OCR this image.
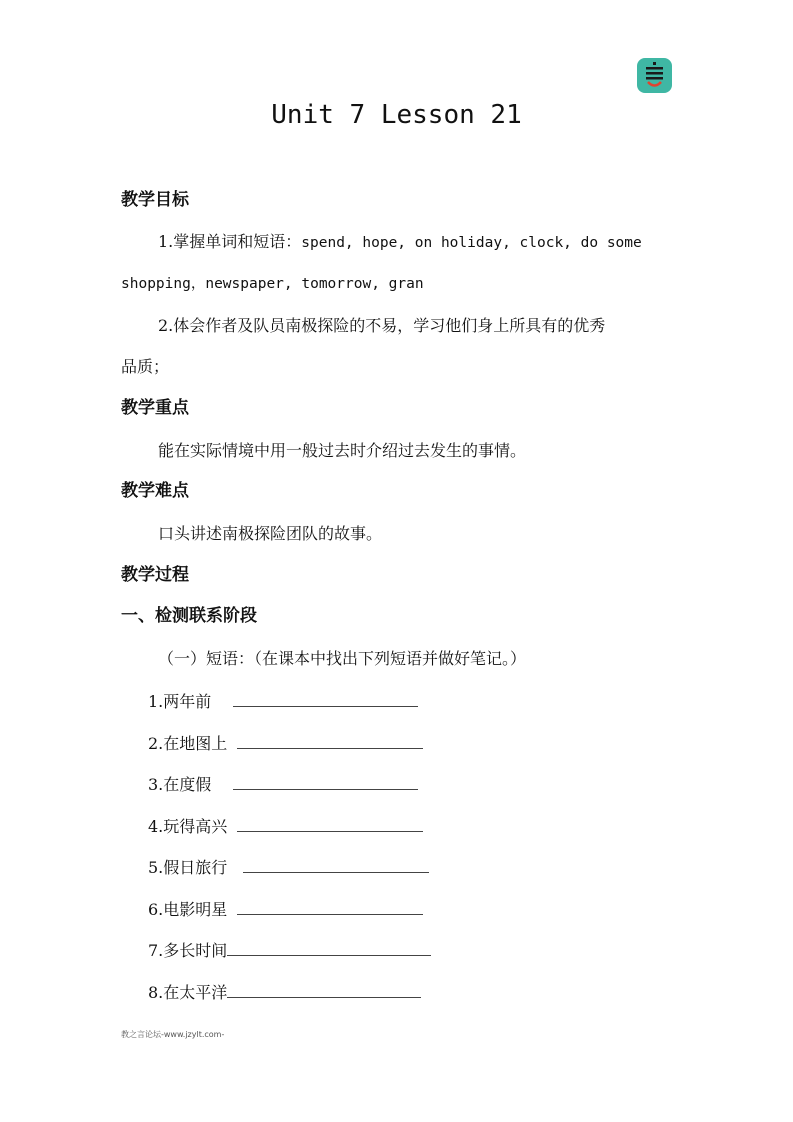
Unit 7 Lesson 21
教学目标
1.掌握单词和短语：spend, hope, on holiday, clock, do some
shopping，newspaper, tomorrow, gran
2.体会作者及队员南极探险的不易，学习他们身上所具有的优秀
品质；
教学重点
能在实际情境中用一般过去时介绍过去发生的事情。
教学难点
口头讲述南极探险团队的故事。
教学过程
一、检测联系阶段
（一）短语：（在课本中找出下列短语并做好笔记。）
1.两年前
2.在地图上
3.在度假
4.玩得高兴
5.假日旅行
6.电影明星
7.多长时间
8.在太平洋
教之言论坛-www.jzylt.com-
